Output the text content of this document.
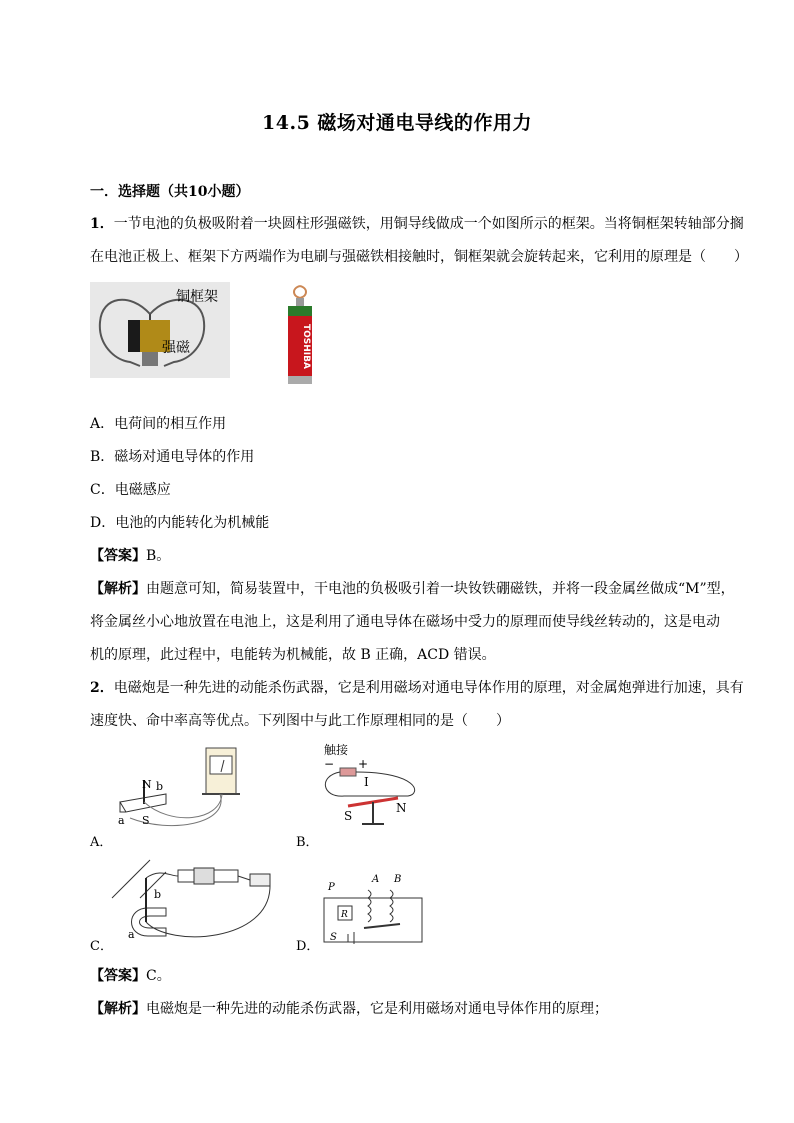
14.5 磁场对通电导线的作用力
一．选择题（共10小题）
1．一节电池的负极吸附着一块圆柱形强磁铁，用铜导线做成一个如图所示的框架。当将铜框架转轴部分搁
在电池正极上、框架下方两端作为电刷与强磁铁相接触时，铜框架就会旋转起来，它利用的原理是（　　）
铜框架
强磁	TOSHIBA
A．电荷间的相互作用
B．磁场对通电导体的作用
C．电磁感应
D．电池的内能转化为机械能
【答案】B。
【解析】由题意可知，简易装置中，干电池的负极吸引着一块钕铁硼磁铁，并将一段金属丝做成“M”型，
将金属丝小心地放置在电池上，这是利用了通电导体在磁场中受力的原理而使导线丝转动的，这是电动
机的原理，此过程中，电能转为机械能，故 B 正确，ACD 错误。
2．电磁炮是一种先进的动能杀伤武器，它是利用磁场对通电导体作用的原理，对金属炮弹进行加速，具有
速度快、命中率高等优点。下列图中与此工作原理相同的是（　　）
N b
a S
A．
触接
− +
I
S
N
B．
b
a
C．
R
P
A B
S
D．
【答案】C。
【解析】电磁炮是一种先进的动能杀伤武器，它是利用磁场对通电导体作用的原理；
